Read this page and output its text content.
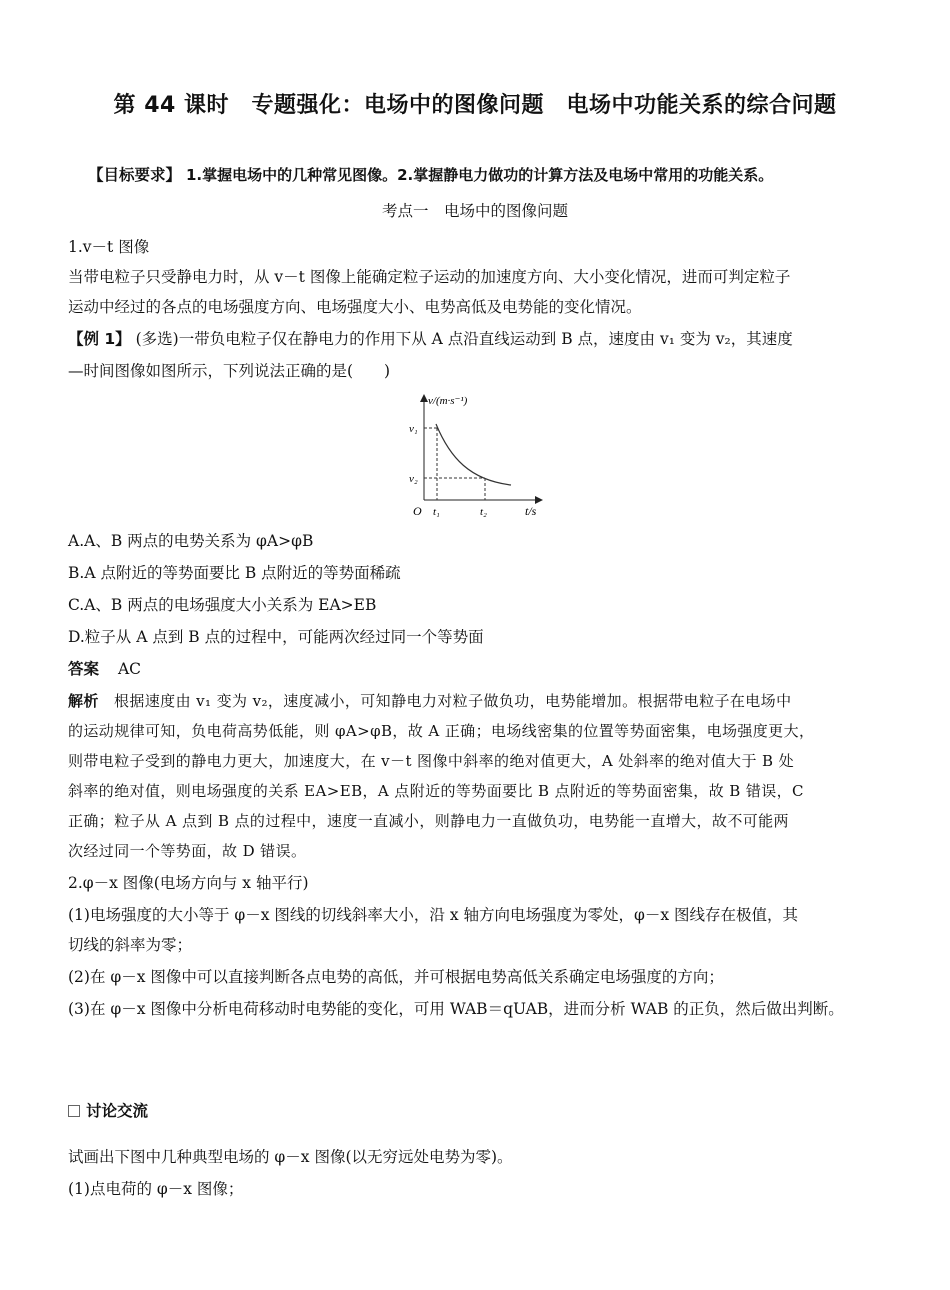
第 44 课时　专题强化：电场中的图像问题　电场中功能关系的综合问题
【目标要求】 1.掌握电场中的几种常见图像。2.掌握静电力做功的计算方法及电场中常用的功能关系。
考点一　电场中的图像问题
1.v－t 图像
当带电粒子只受静电力时，从 v－t 图像上能确定粒子运动的加速度方向、大小变化情况，进而可判定粒子
运动中经过的各点的电场强度方向、电场强度大小、电势高低及电势能的变化情况。
【例 1】 (多选)一带负电粒子仅在静电力的作用下从 A 点沿直线运动到 B 点，速度由 v₁ 变为 v₂，其速度
—时间图像如图所示，下列说法正确的是(　　)
v/(m·s⁻¹)
v₁
v₂
O t₁	t₂	t/s
A.A、B 两点的电势关系为 φA>φB
B.A 点附近的等势面要比 B 点附近的等势面稀疏
C.A、B 两点的电场强度大小关系为 EA>EB
D.粒子从 A 点到 B 点的过程中，可能两次经过同一个等势面
答案 AC
解析 根据速度由 v₁ 变为 v₂，速度减小，可知静电力对粒子做负功，电势能增加。根据带电粒子在电场中
的运动规律可知，负电荷高势低能，则 φA>φB，故 A 正确；电场线密集的位置等势面密集，电场强度更大，
则带电粒子受到的静电力更大，加速度大，在 v－t 图像中斜率的绝对值更大，A 处斜率的绝对值大于 B 处
斜率的绝对值，则电场强度的关系 EA>EB，A 点附近的等势面要比 B 点附近的等势面密集，故 B 错误，C
正确；粒子从 A 点到 B 点的过程中，速度一直减小，则静电力一直做负功，电势能一直增大，故不可能两
次经过同一个等势面，故 D 错误。
2.φ－x 图像(电场方向与 x 轴平行)
(1)电场强度的大小等于 φ－x 图线的切线斜率大小，沿 x 轴方向电场强度为零处，φ－x 图线存在极值，其
切线的斜率为零；
(2)在 φ－x 图像中可以直接判断各点电势的高低，并可根据电势高低关系确定电场强度的方向；
(3)在 φ－x 图像中分析电荷移动时电势能的变化，可用 WAB＝qUAB，进而分析 WAB 的正负，然后做出判断。
讨论交流
试画出下图中几种典型电场的 φ－x 图像(以无穷远处电势为零)。
(1)点电荷的 φ－x 图像；
